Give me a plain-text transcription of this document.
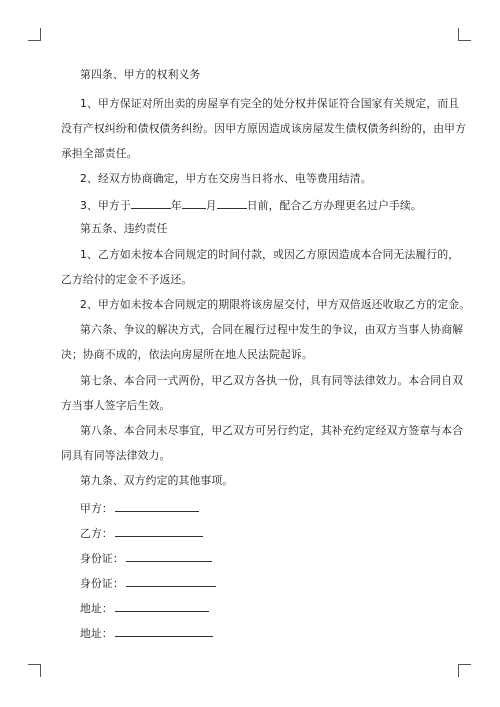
第四条、甲方的权利义务
1、甲方保证对所出卖的房屋享有完全的处分权并保证符合国家有关规定，而且
没有产权纠纷和债权债务纠纷。因甲方原因造成该房屋发生债权债务纠纷的，由甲方
承担全部责任。
2、经双方协商确定，甲方在交房当日将水、电等费用结清。
3、甲方于	年 月	日前，配合乙方办理更名过户手续。
第五条、违约责任
1、乙方如未按本合同规定的时间付款，或因乙方原因造成本合同无法履行的，
乙方给付的定金不予返还。
2、甲方如未按本合同规定的期限将该房屋交付，甲方双倍返还收取乙方的定金。
第六条、争议的解决方式，合同在履行过程中发生的争议，由双方当事人协商解
决；协商不成的，依法向房屋所在地人民法院起诉。
第七条、本合同一式两份，甲乙双方各执一份，具有同等法律效力。本合同自双
方当事人签字后生效。
第八条、本合同未尽事宜，甲乙双方可另行约定，其补充约定经双方签章与本合
同具有同等法律效力。
第九条、双方约定的其他事项。
甲方：
乙方：
身份证：
身份证：
地址：
地址：
